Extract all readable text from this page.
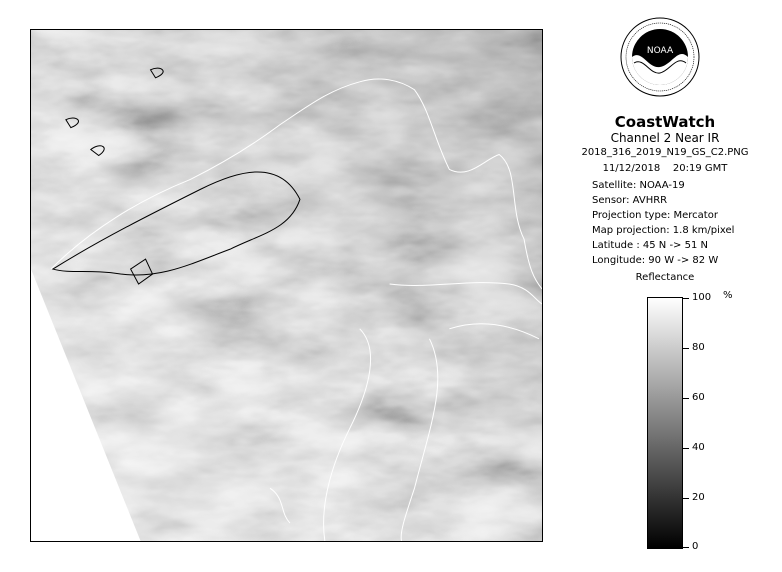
NOAA
CoastWatch
Channel 2 Near IR
2018_316_2019_N19_GS_C2.PNG
11/12/2018    20:19 GMT
Satellite: NOAA-19
Sensor: AVHRR
Projection type: Mercator
Map projection: 1.8 km/pixel
Latitude : 45 N -> 51 N
Longitude: 90 W -> 82 W
Reflectance
%
100
80
60
40
20
0
